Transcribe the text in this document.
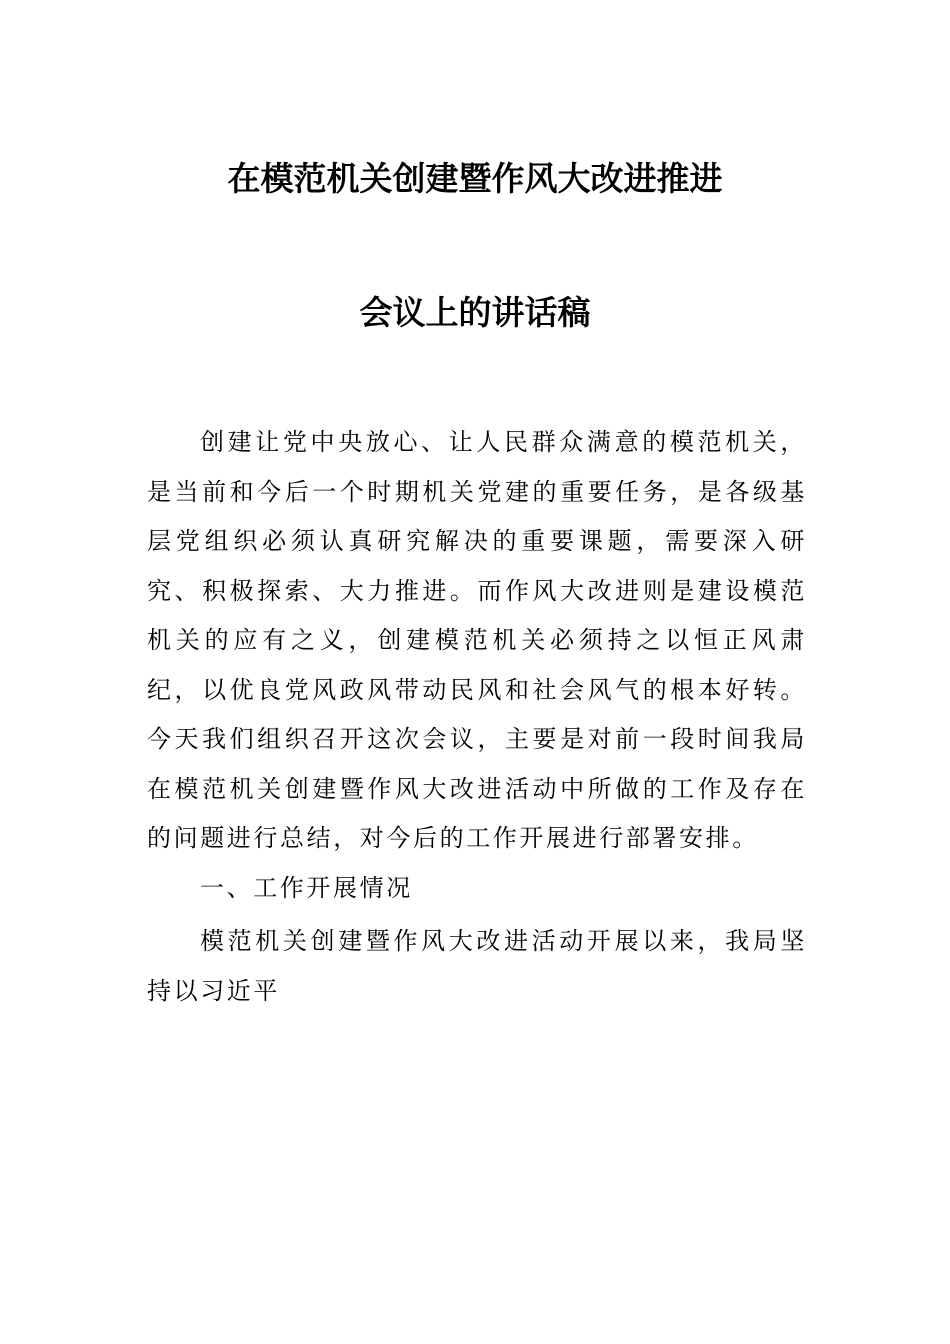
在模范机关创建暨作风大改进推进
会议上的讲话稿

创建让党中央放心、让人民群众满意的模范机关，是当前和今后一个时期机关党建的重要任务，是各级基层党组织必须认真研究解决的重要课题，需要深入研究、积极探索、大力推进。而作风大改进则是建设模范机关的应有之义，创建模范机关必须持之以恒正风肃纪，以优良党风政风带动民风和社会风气的根本好转。今天我们组织召开这次会议，主要是对前一段时间我局在模范机关创建暨作风大改进活动中所做的工作及存在的问题进行总结，对今后的工作开展进行部署安排。

一、工作开展情况

模范机关创建暨作风大改进活动开展以来，我局坚持以习近平
